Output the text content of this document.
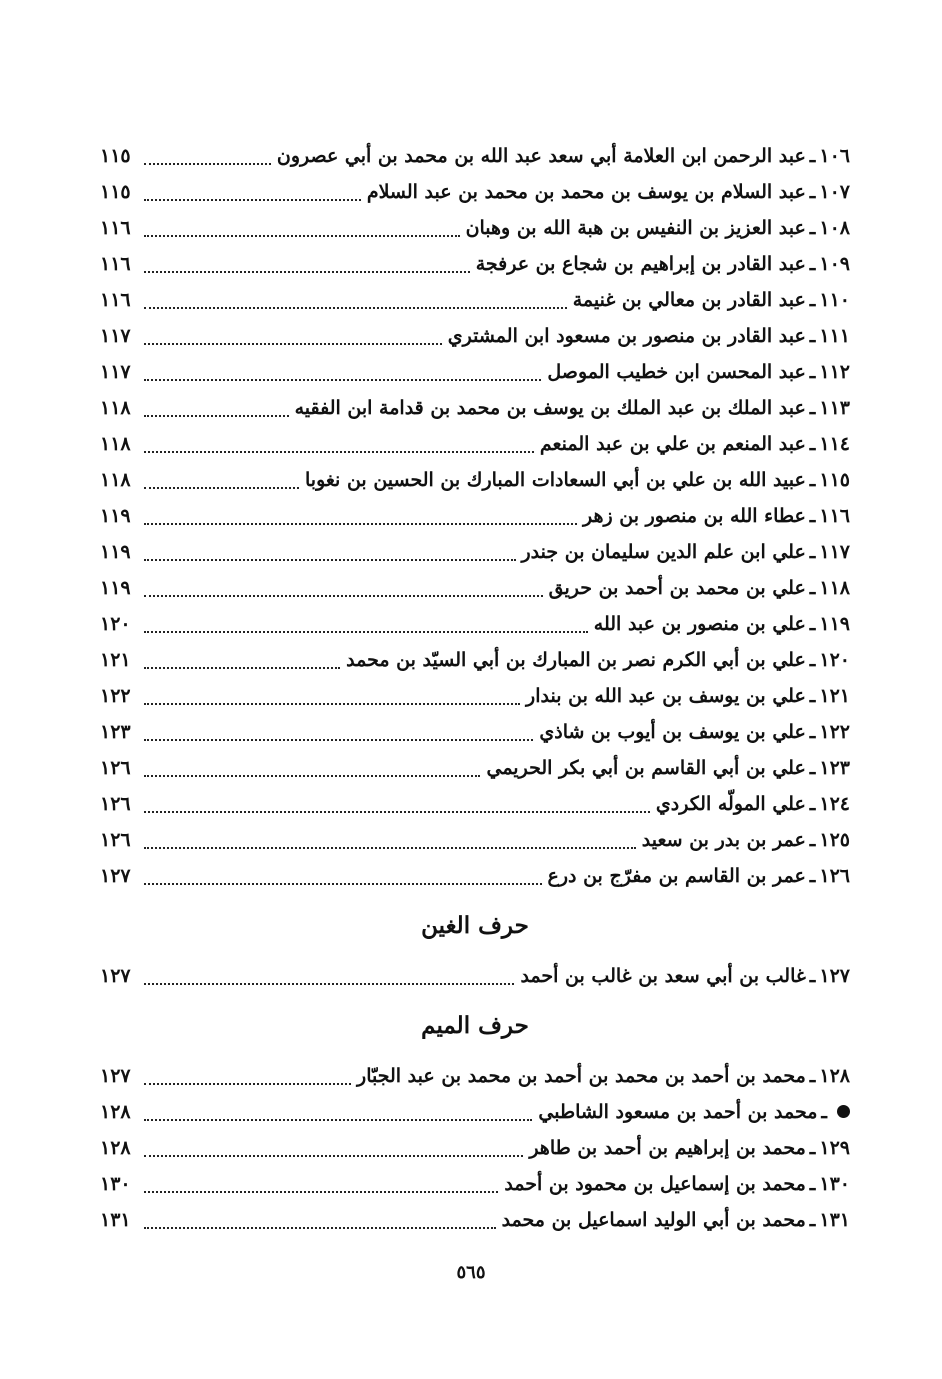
١٠٦
ـ
عبد الرحمن ابن العلامة أبي سعد عبد الله بن محمد بن أبي عصرون
١١٥
١٠٧
ـ
عبد السلام بن يوسف بن محمد بن محمد بن عبد السلام
١١٥
١٠٨
ـ
عبد العزيز بن النفيس بن هبة الله بن وهبان
١١٦
١٠٩
ـ
عبد القادر بن إبراهيم بن شجاع بن عرفجة
١١٦
١١٠
ـ
عبد القادر بن معالي بن غنيمة
١١٦
١١١
ـ
عبد القادر بن منصور بن مسعود ابن المشتري
١١٧
١١٢
ـ
عبد المحسن ابن خطيب الموصل
١١٧
١١٣
ـ
عبد الملك بن عبد الملك بن يوسف بن محمد بن قدامة ابن الفقيه
١١٨
١١٤
ـ
عبد المنعم بن علي بن عبد المنعم
١١٨
١١٥
ـ
عبيد الله بن علي بن أبي السعادات المبارك بن الحسين بن نغوبا
١١٨
١١٦
ـ
عطاء الله بن منصور بن زهر
١١٩
١١٧
ـ
علي ابن علم الدين سليمان بن جندر
١١٩
١١٨
ـ
علي بن محمد بن أحمد بن حريق
١١٩
١١٩
ـ
علي بن منصور بن عبد الله
١٢٠
١٢٠
ـ
علي بن أبي الكرم نصر بن المبارك بن أبي السيّد بن محمد
١٢١
١٢١
ـ
علي بن يوسف بن عبد الله بن بندار
١٢٢
١٢٢
ـ
علي بن يوسف بن أيوب بن شاذي
١٢٣
١٢٣
ـ
علي بن أبي القاسم بن أبي بكر الحريمي
١٢٦
١٢٤
ـ
علي المولّه الكردي
١٢٦
١٢٥
ـ
عمر بن بدر بن سعيد
١٢٦
١٢٦
ـ
عمر بن القاسم بن مفرّج بن درع
١٢٧
حرف الغين
١٢٧
ـ
غالب بن أبي سعد بن غالب بن أحمد
١٢٧
حرف الميم
١٢٨
ـ
محمد بن أحمد بن محمد بن أحمد بن محمد بن عبد الجبّار
١٢٧
ـ
محمد بن أحمد بن مسعود الشاطبي
١٢٨
١٢٩
ـ
محمد بن إبراهيم بن أحمد بن طاهر
١٢٨
١٣٠
ـ
محمد بن إسماعيل بن محمود بن أحمد
١٣٠
١٣١
ـ
محمد بن أبي الوليد اسماعيل بن محمد
١٣١
٥٦٥
